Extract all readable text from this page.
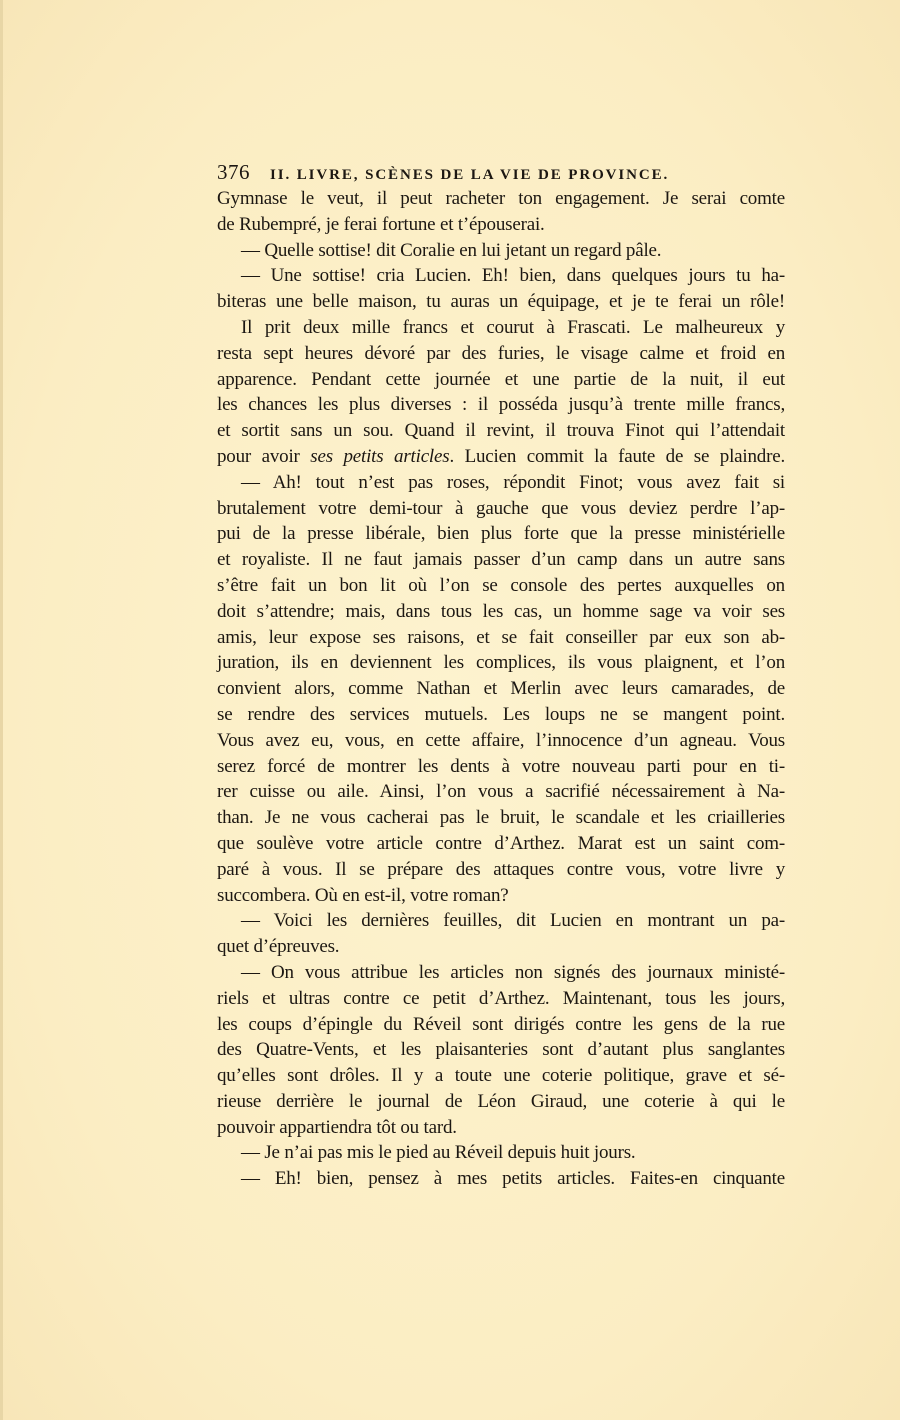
376 II. LIVRE, SCÈNES DE LA VIE DE PROVINCE.
Gymnase le veut, il peut racheter ton engagement. Je serai comte
de Rubempré, je ferai fortune et t’épouserai.
— Quelle sottise! dit Coralie en lui jetant un regard pâle.
— Une sottise! cria Lucien. Eh! bien, dans quelques jours tu ha-
biteras une belle maison, tu auras un équipage, et je te ferai un rôle!
Il prit deux mille francs et courut à Frascati. Le malheureux y
resta sept heures dévoré par des furies, le visage calme et froid en
apparence. Pendant cette journée et une partie de la nuit, il eut
les chances les plus diverses : il posséda jusqu’à trente mille francs,
et sortit sans un sou. Quand il revint, il trouva Finot qui l’attendait
pour avoir ses petits articles. Lucien commit la faute de se plaindre.
— Ah! tout n’est pas roses, répondit Finot; vous avez fait si
brutalement votre demi-tour à gauche que vous deviez perdre l’ap-
pui de la presse libérale, bien plus forte que la presse ministérielle
et royaliste. Il ne faut jamais passer d’un camp dans un autre sans
s’être fait un bon lit où l’on se console des pertes auxquelles on
doit s’attendre; mais, dans tous les cas, un homme sage va voir ses
amis, leur expose ses raisons, et se fait conseiller par eux son ab-
juration, ils en deviennent les complices, ils vous plaignent, et l’on
convient alors, comme Nathan et Merlin avec leurs camarades, de
se rendre des services mutuels. Les loups ne se mangent point.
Vous avez eu, vous, en cette affaire, l’innocence d’un agneau. Vous
serez forcé de montrer les dents à votre nouveau parti pour en ti-
rer cuisse ou aile. Ainsi, l’on vous a sacrifié nécessairement à Na-
than. Je ne vous cacherai pas le bruit, le scandale et les criailleries
que soulève votre article contre d’Arthez. Marat est un saint com-
paré à vous. Il se prépare des attaques contre vous, votre livre y
succombera. Où en est-il, votre roman?
— Voici les dernières feuilles, dit Lucien en montrant un pa-
quet d’épreuves.
— On vous attribue les articles non signés des journaux ministé-
riels et ultras contre ce petit d’Arthez. Maintenant, tous les jours,
les coups d’épingle du Réveil sont dirigés contre les gens de la rue
des Quatre-Vents, et les plaisanteries sont d’autant plus sanglantes
qu’elles sont drôles. Il y a toute une coterie politique, grave et sé-
rieuse derrière le journal de Léon Giraud, une coterie à qui le
pouvoir appartiendra tôt ou tard.
— Je n’ai pas mis le pied au Réveil depuis huit jours.
— Eh! bien, pensez à mes petits articles. Faites-en cinquante
